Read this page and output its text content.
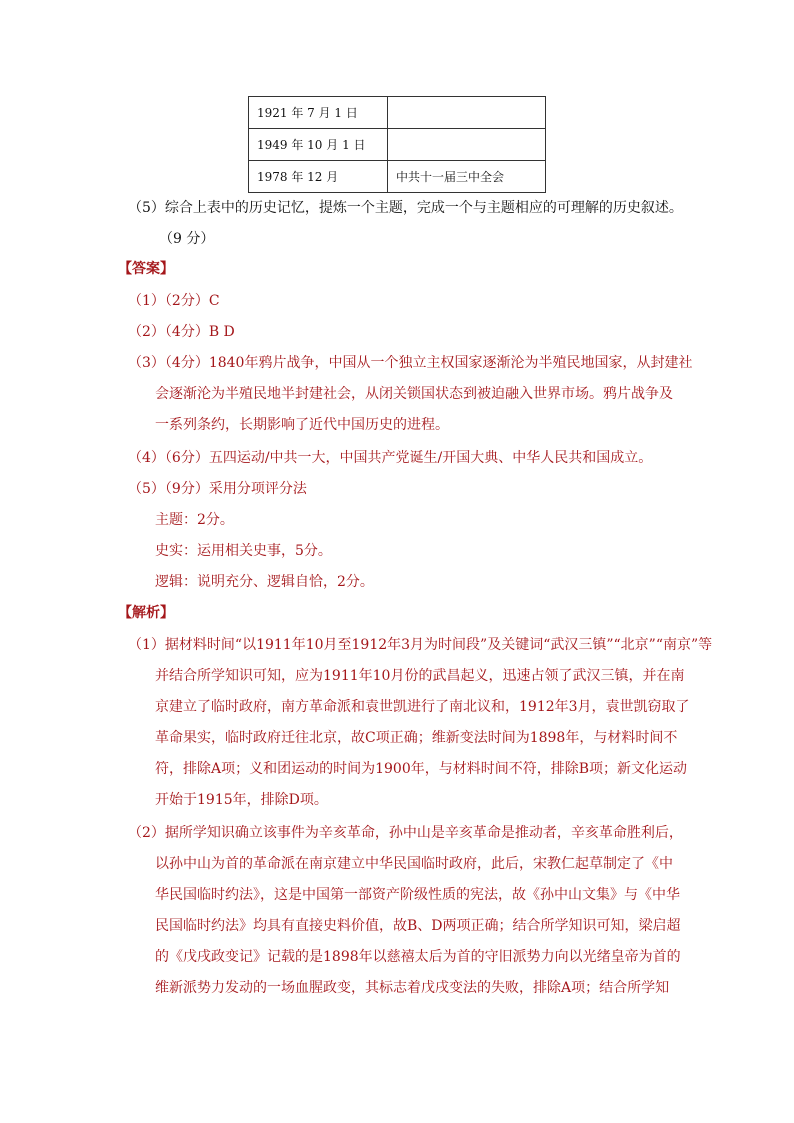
1921 年 7 月 1 日	
1949 年 10 月 1 日	
1978 年 12 月	中共十一届三中全会
（5）综合上表中的历史记忆，提炼一个主题，完成一个与主题相应的可理解的历史叙述。
（9 分）
【答案】
（1）（2分）C
（2）（4分）B D
（3）（4分）1840年鸦片战争，中国从一个独立主权国家逐渐沦为半殖民地国家，从封建社
会逐渐沦为半殖民地半封建社会，从闭关锁国状态到被迫融入世界市场。鸦片战争及
一系列条约，长期影响了近代中国历史的进程。
（4）（6分）五四运动/中共一大，中国共产党诞生/开国大典、中华人民共和国成立。
（5）（9分）采用分项评分法
主题：2分。
史实：运用相关史事，5分。
逻辑：说明充分、逻辑自恰，2分。
【解析】
（1）据材料时间“以1911年10月至1912年3月为时间段”及关键词“武汉三镇”“北京”“南京”等
并结合所学知识可知，应为1911年10月份的武昌起义，迅速占领了武汉三镇，并在南
京建立了临时政府，南方革命派和袁世凯进行了南北议和，1912年3月，袁世凯窃取了
革命果实，临时政府迁往北京，故C项正确；维新变法时间为1898年，与材料时间不
符，排除A项；义和团运动的时间为1900年，与材料时间不符，排除B项；新文化运动
开始于1915年，排除D项。
（2）据所学知识确立该事件为辛亥革命，孙中山是辛亥革命是推动者，辛亥革命胜利后，
以孙中山为首的革命派在南京建立中华民国临时政府，此后，宋教仁起草制定了《中
华民国临时约法》，这是中国第一部资产阶级性质的宪法，故《孙中山文集》与《中华
民国临时约法》均具有直接史料价值，故B、D两项正确；结合所学知识可知，梁启超
的《戊戌政变记》记载的是1898年以慈禧太后为首的守旧派势力向以光绪皇帝为首的
维新派势力发动的一场血腥政变，其标志着戊戌变法的失败，排除A项；结合所学知
